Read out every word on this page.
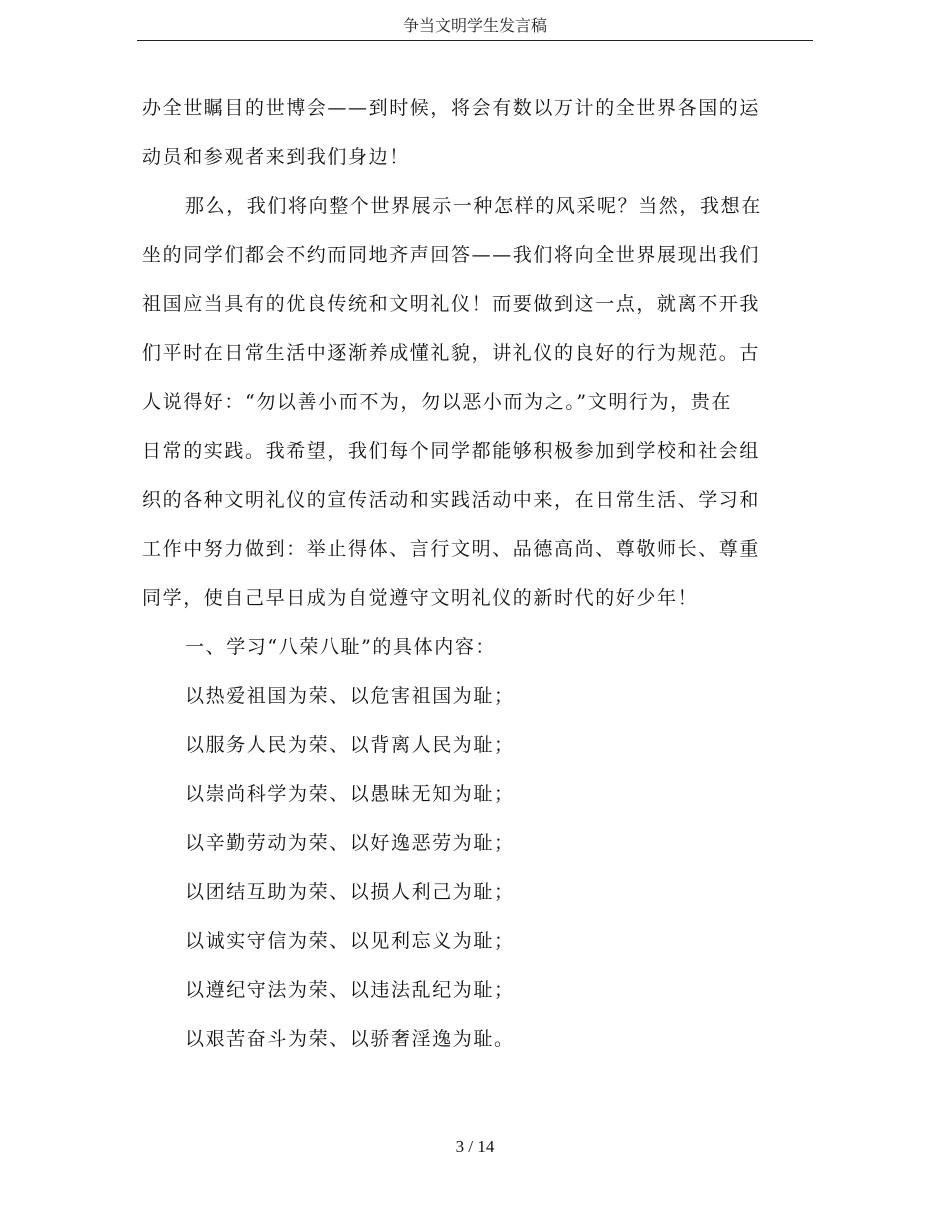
争当文明学生发言稿
办全世瞩目的世博会——到时候，将会有数以万计的全世界各国的运
动员和参观者来到我们身边！
那么，我们将向整个世界展示一种怎样的风采呢？当然，我想在
坐的同学们都会不约而同地齐声回答——我们将向全世界展现出我们
祖国应当具有的优良传统和文明礼仪！而要做到这一点，就离不开我
们平时在日常生活中逐渐养成懂礼貌，讲礼仪的良好的行为规范。古
人说得好：“勿以善小而不为，勿以恶小而为之。”文明行为，贵在
日常的实践。我希望，我们每个同学都能够积极参加到学校和社会组
织的各种文明礼仪的宣传活动和实践活动中来，在日常生活、学习和
工作中努力做到：举止得体、言行文明、品德高尚、尊敬师长、尊重
同学，使自己早日成为自觉遵守文明礼仪的新时代的好少年！
一、学习“八荣八耻”的具体内容：
以热爱祖国为荣、以危害祖国为耻；
以服务人民为荣、以背离人民为耻；
以崇尚科学为荣、以愚昧无知为耻；
以辛勤劳动为荣、以好逸恶劳为耻；
以团结互助为荣、以损人利己为耻；
以诚实守信为荣、以见利忘义为耻；
以遵纪守法为荣、以违法乱纪为耻；
以艰苦奋斗为荣、以骄奢淫逸为耻。
3 / 14
